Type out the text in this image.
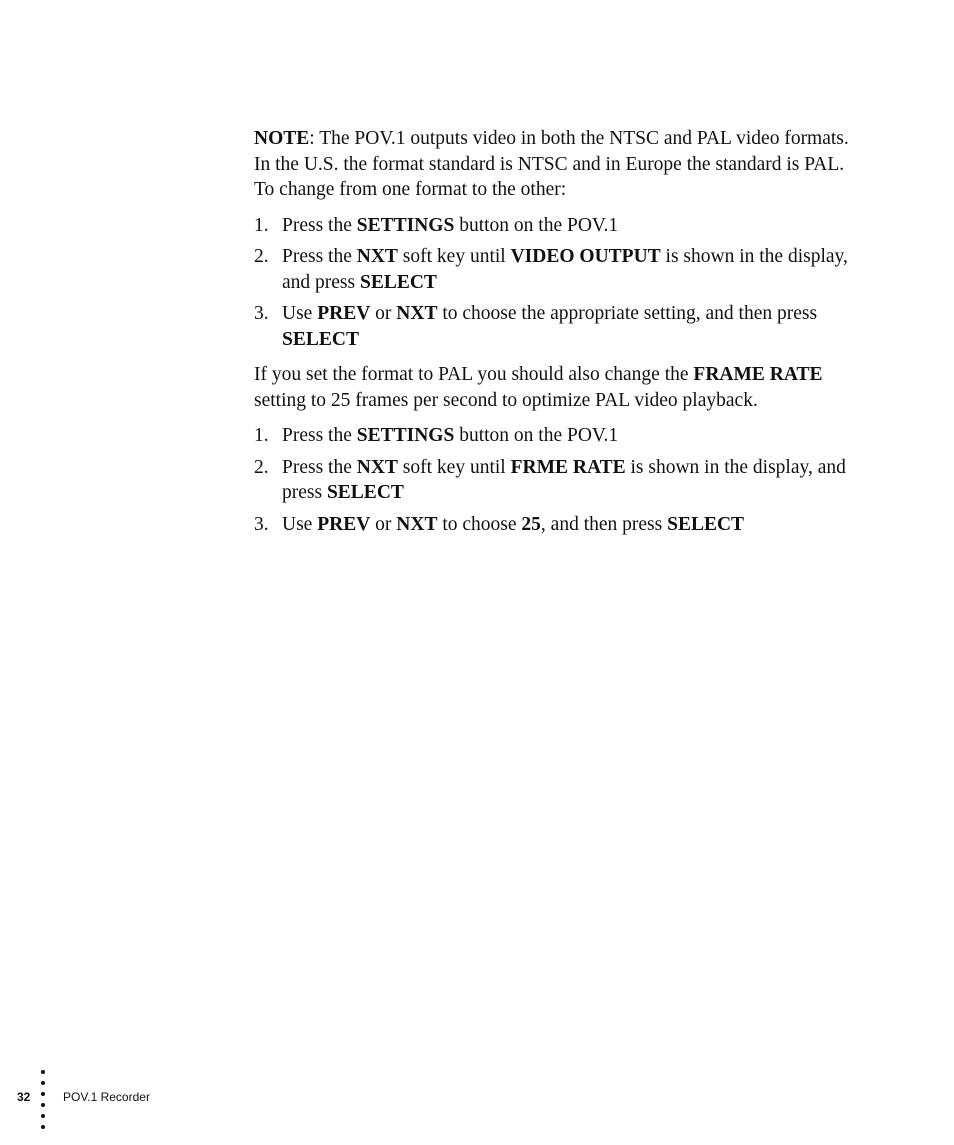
NOTE: The POV.1 outputs video in both the NTSC and PAL video formats. In the U.S. the format standard is NTSC and in Europe the standard is PAL. To change from one format to the other:

1. Press the SETTINGS button on the POV.1
2. Press the NXT soft key until VIDEO OUTPUT is shown in the display, and press SELECT
3. Use PREV or NXT to choose the appropriate setting, and then press SELECT

If you set the format to PAL you should also change the FRAME RATE setting to 25 frames per second to optimize PAL video playback.

1. Press the SETTINGS button on the POV.1
2. Press the NXT soft key until FRME RATE is shown in the display, and press SELECT
3. Use PREV or NXT to choose 25, and then press SELECT
32	POV.1 Recorder
